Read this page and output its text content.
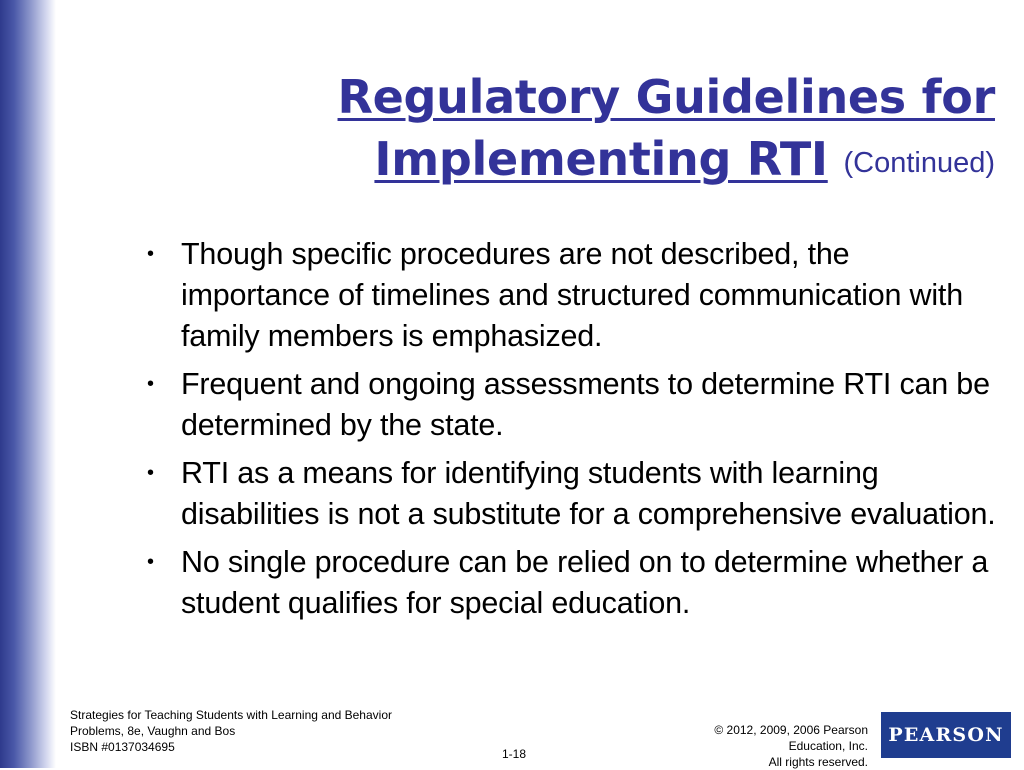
Regulatory Guidelines for
Implementing RTI (Continued)
• Though specific procedures are not described, the importance of timelines and structured communication with family members is emphasized.
• Frequent and ongoing assessments to determine RTI can be determined by the state.
• RTI as a means for identifying students with learning disabilities is not a substitute for a comprehensive evaluation.
• No single procedure can be relied on to determine whether a student qualifies for special education.
Strategies for Teaching Students with Learning and Behavior
Problems, 8e, Vaughn and Bos
ISBN #0137034695	1-18
© 2012, 2009, 2006 Pearson
Education, Inc.
All rights reserved.
PEARSON
